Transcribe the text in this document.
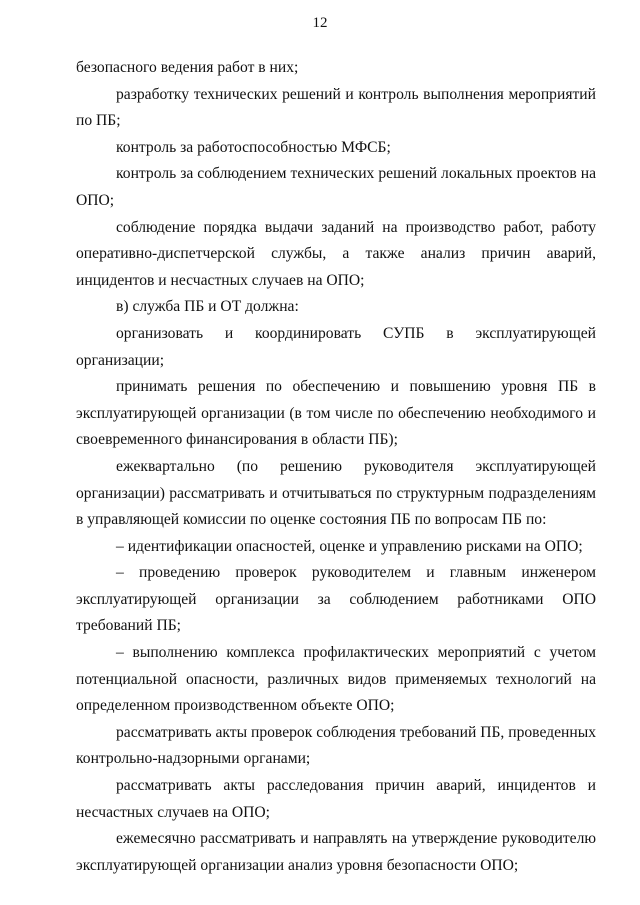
12

безопасного ведения работ в них;

разработку технических решений и контроль выполнения мероприятий по ПБ;

контроль за работоспособностью МФСБ;

контроль за соблюдением технических решений локальных проектов на ОПО;

соблюдение порядка выдачи заданий на производство работ, работу оперативно-диспетчерской службы, а также анализ причин аварий, инцидентов и несчастных случаев на ОПО;

в) служба ПБ и ОТ должна:

организовать и координировать СУПБ в эксплуатирующей организации;

принимать решения по обеспечению и повышению уровня ПБ в эксплуатирующей организации (в том числе по обеспечению необходимого и своевременного финансирования в области ПБ);

ежеквартально (по решению руководителя эксплуатирующей организации) рассматривать и отчитываться по структурным подразделениям в управляющей комиссии по оценке состояния ПБ по вопросам ПБ по:

– идентификации опасностей, оценке и управлению рисками на ОПО;

– проведению проверок руководителем и главным инженером эксплуатирующей организации за соблюдением работниками ОПО требований ПБ;

– выполнению комплекса профилактических мероприятий с учетом потенциальной опасности, различных видов применяемых технологий на определенном производственном объекте ОПО;

рассматривать акты проверок соблюдения требований ПБ, проведенных контрольно-надзорными органами;

рассматривать акты расследования причин аварий, инцидентов и несчастных случаев на ОПО;

ежемесячно рассматривать и направлять на утверждение руководителю эксплуатирующей организации анализ уровня безопасности ОПО;
